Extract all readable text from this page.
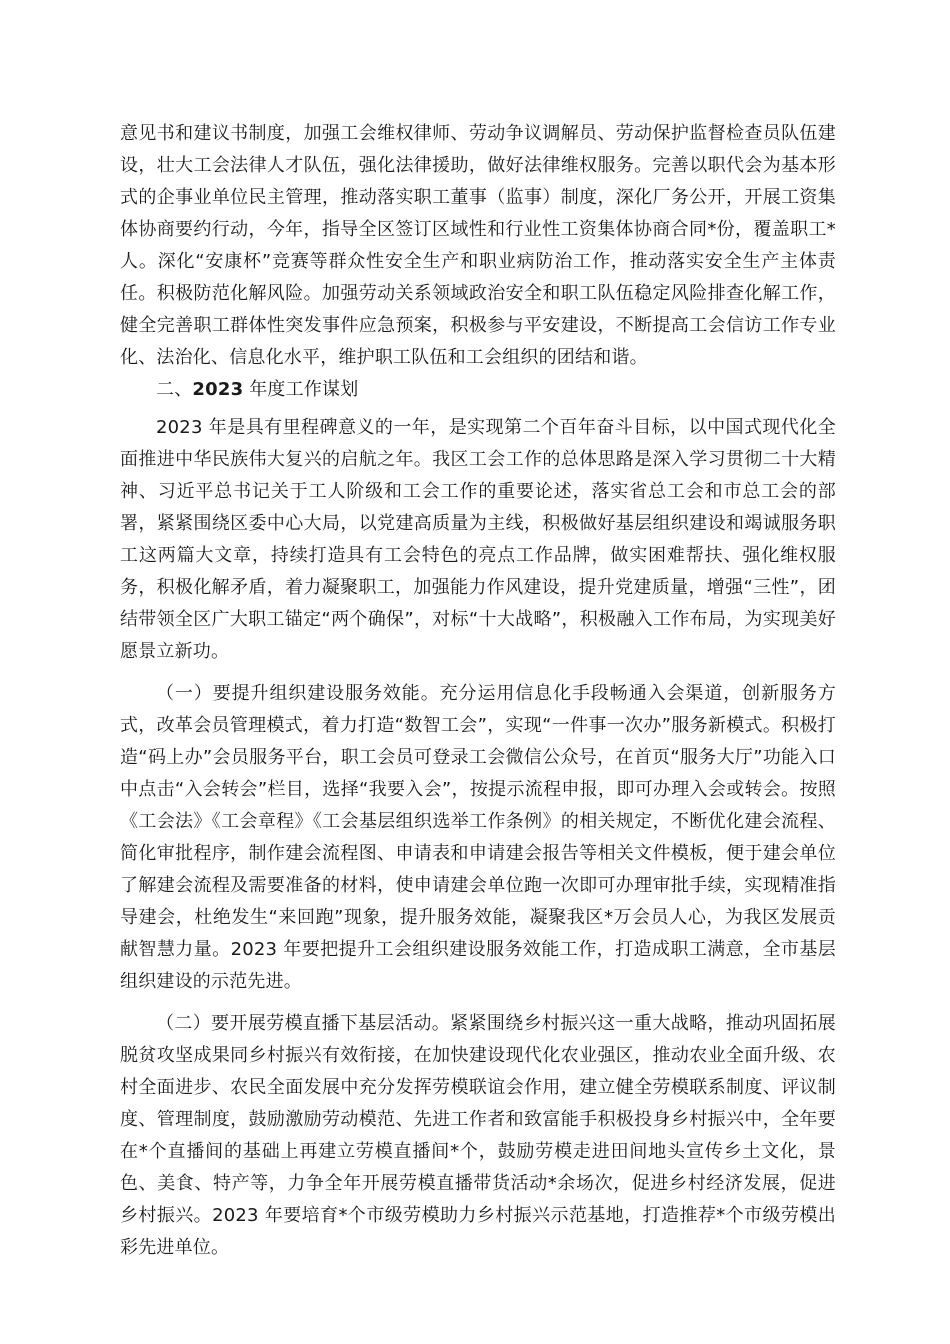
意见书和建议书制度，加强工会维权律师、劳动争议调解员、劳动保护监督检查员队伍建设，壮大工会法律人才队伍，强化法律援助，做好法律维权服务。完善以职代会为基本形式的企事业单位民主管理，推动落实职工董事（监事）制度，深化厂务公开，开展工资集体协商要约行动，今年，指导全区签订区域性和行业性工资集体协商合同*份，覆盖职工*人。深化“安康杯”竞赛等群众性安全生产和职业病防治工作，推动落实安全生产主体责任。积极防范化解风险。加强劳动关系领域政治安全和职工队伍稳定风险排查化解工作，健全完善职工群体性突发事件应急预案，积极参与平安建设，不断提高工会信访工作专业化、法治化、信息化水平，维护职工队伍和工会组织的团结和谐。

二、2023 年度工作谋划

2023 年是具有里程碑意义的一年，是实现第二个百年奋斗目标，以中国式现代化全面推进中华民族伟大复兴的启航之年。我区工会工作的总体思路是深入学习贯彻二十大精神、习近平总书记关于工人阶级和工会工作的重要论述，落实省总工会和市总工会的部署，紧紧围绕区委中心大局，以党建高质量为主线，积极做好基层组织建设和竭诚服务职工这两篇大文章，持续打造具有工会特色的亮点工作品牌，做实困难帮扶、强化维权服务，积极化解矛盾，着力凝聚职工，加强能力作风建设，提升党建质量，增强“三性”，团结带领全区广大职工锚定“两个确保”，对标“十大战略”，积极融入工作布局，为实现美好愿景立新功。

（一）要提升组织建设服务效能。充分运用信息化手段畅通入会渠道，创新服务方式，改革会员管理模式，着力打造“数智工会”，实现“一件事一次办”服务新模式。积极打造“码上办”会员服务平台，职工会员可登录工会微信公众号，在首页“服务大厅”功能入口中点击“入会转会”栏目，选择“我要入会”，按提示流程申报，即可办理入会或转会。按照《工会法》《工会章程》《工会基层组织选举工作条例》的相关规定，不断优化建会流程、简化审批程序，制作建会流程图、申请表和申请建会报告等相关文件模板，便于建会单位了解建会流程及需要准备的材料，使申请建会单位跑一次即可办理审批手续，实现精准指导建会，杜绝发生“来回跑”现象，提升服务效能，凝聚我区*万会员人心，为我区发展贡献智慧力量。2023 年要把提升工会组织建设服务效能工作，打造成职工满意，全市基层组织建设的示范先进。

（二）要开展劳模直播下基层活动。紧紧围绕乡村振兴这一重大战略，推动巩固拓展脱贫攻坚成果同乡村振兴有效衔接，在加快建设现代化农业强区，推动农业全面升级、农村全面进步、农民全面发展中充分发挥劳模联谊会作用，建立健全劳模联系制度、评议制度、管理制度，鼓励激励劳动模范、先进工作者和致富能手积极投身乡村振兴中，全年要在*个直播间的基础上再建立劳模直播间*个，鼓励劳模走进田间地头宣传乡土文化，景色、美食、特产等，力争全年开展劳模直播带货活动*余场次，促进乡村经济发展，促进乡村振兴。2023 年要培育*个市级劳模助力乡村振兴示范基地，打造推荐*个市级劳模出彩先进单位。
